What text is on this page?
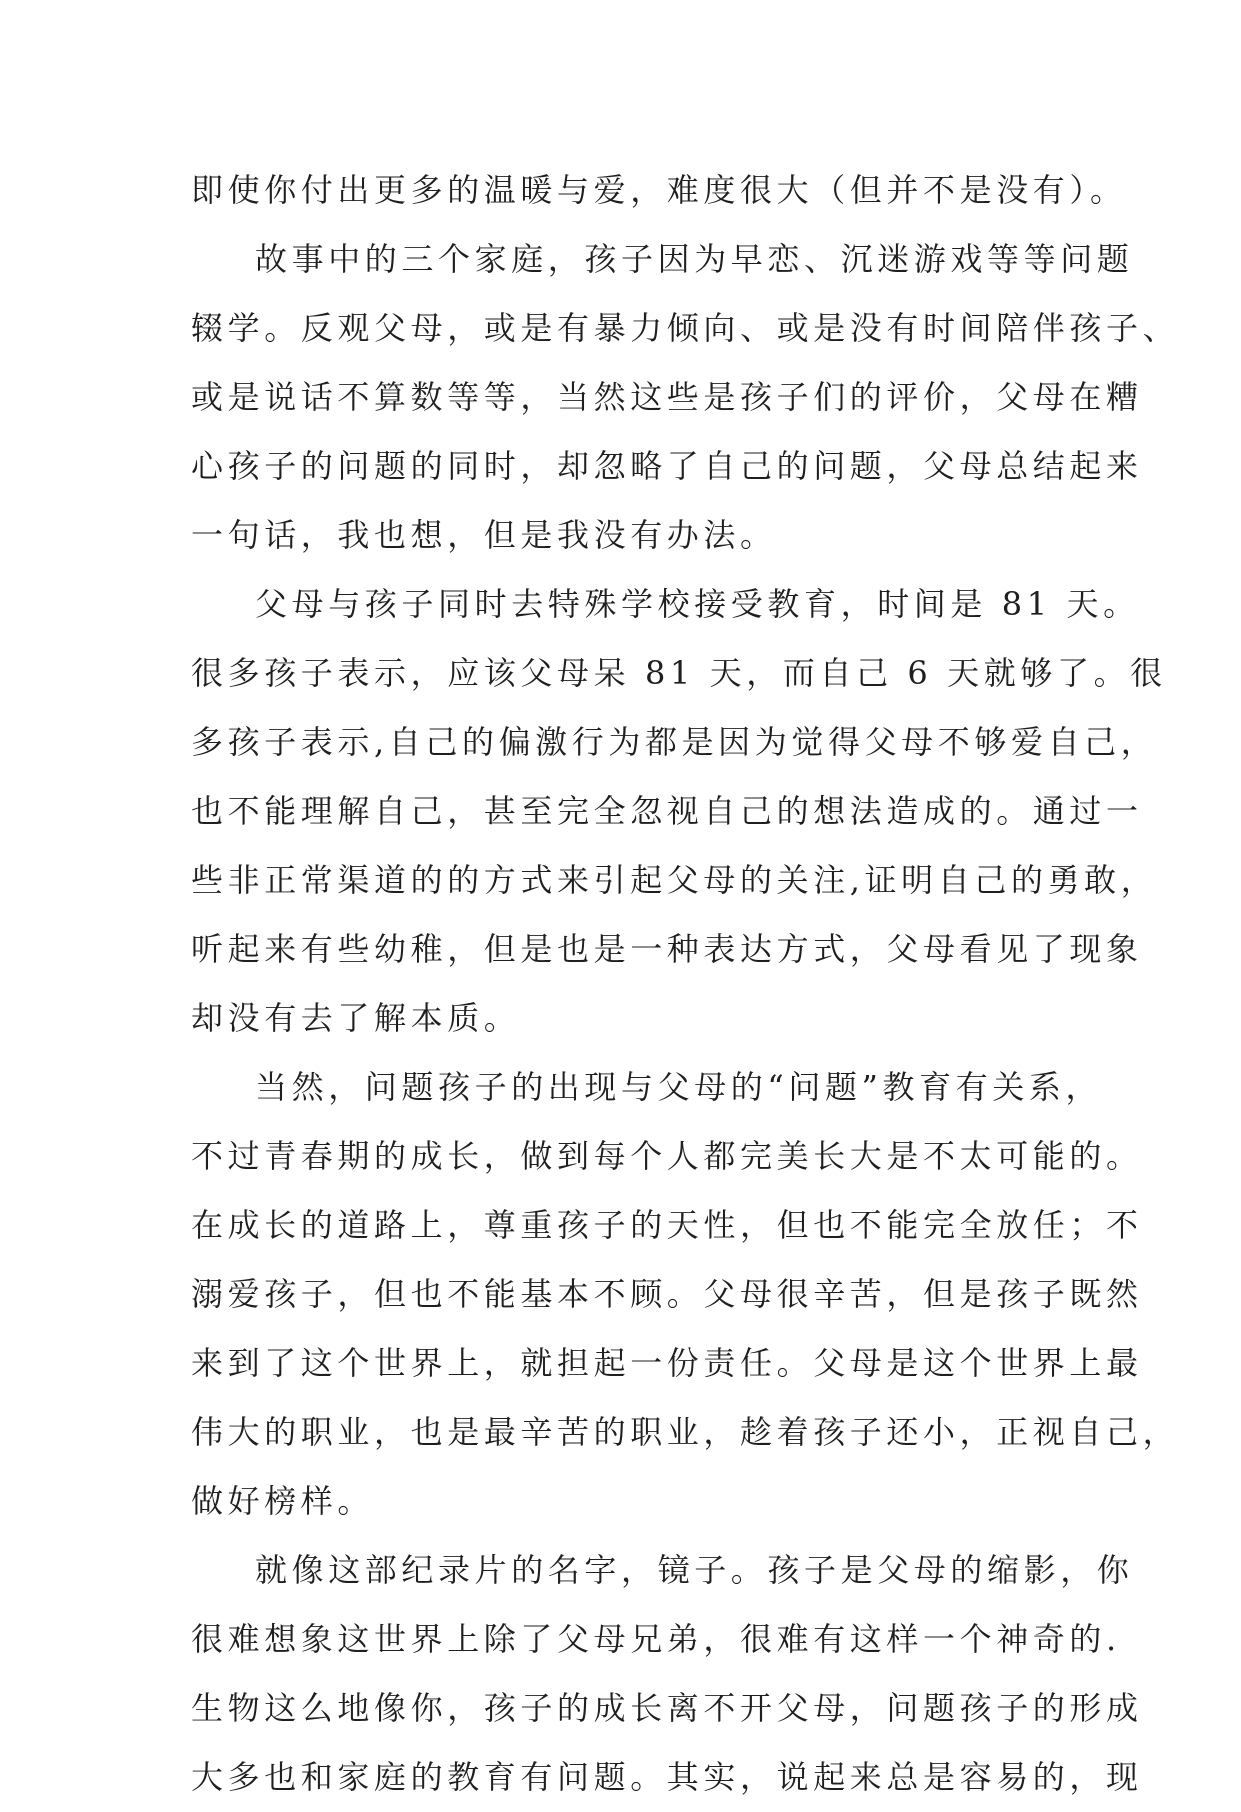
即使你付出更多的温暖与爱，难度很大（但并不是没有）。
故事中的三个家庭，孩子因为早恋、沉迷游戏等等问题
辍学。反观父母，或是有暴力倾向、或是没有时间陪伴孩子、
或是说话不算数等等，当然这些是孩子们的评价，父母在糟
心孩子的问题的同时，却忽略了自己的问题，父母总结起来
一句话，我也想，但是我没有办法。
父母与孩子同时去特殊学校接受教育，时间是 81 天。
很多孩子表示，应该父母呆 81 天，而自己 6 天就够了。很
多孩子表示,自己的偏激行为都是因为觉得父母不够爱自己，
也不能理解自己，甚至完全忽视自己的想法造成的。通过一
些非正常渠道的的方式来引起父母的关注,证明自己的勇敢，
听起来有些幼稚，但是也是一种表达方式，父母看见了现象
却没有去了解本质。
当然，问题孩子的出现与父母的“问题”教育有关系，
不过青春期的成长，做到每个人都完美长大是不太可能的。
在成长的道路上，尊重孩子的天性，但也不能完全放任；不
溺爱孩子，但也不能基本不顾。父母很辛苦，但是孩子既然
来到了这个世界上，就担起一份责任。父母是这个世界上最
伟大的职业，也是最辛苦的职业，趁着孩子还小，正视自己，
做好榜样。
就像这部纪录片的名字，镜子。孩子是父母的缩影，你
很难想象这世界上除了父母兄弟，很难有这样一个神奇的.
生物这么地像你，孩子的成长离不开父母，问题孩子的形成
大多也和家庭的教育有问题。其实，说起来总是容易的，现
